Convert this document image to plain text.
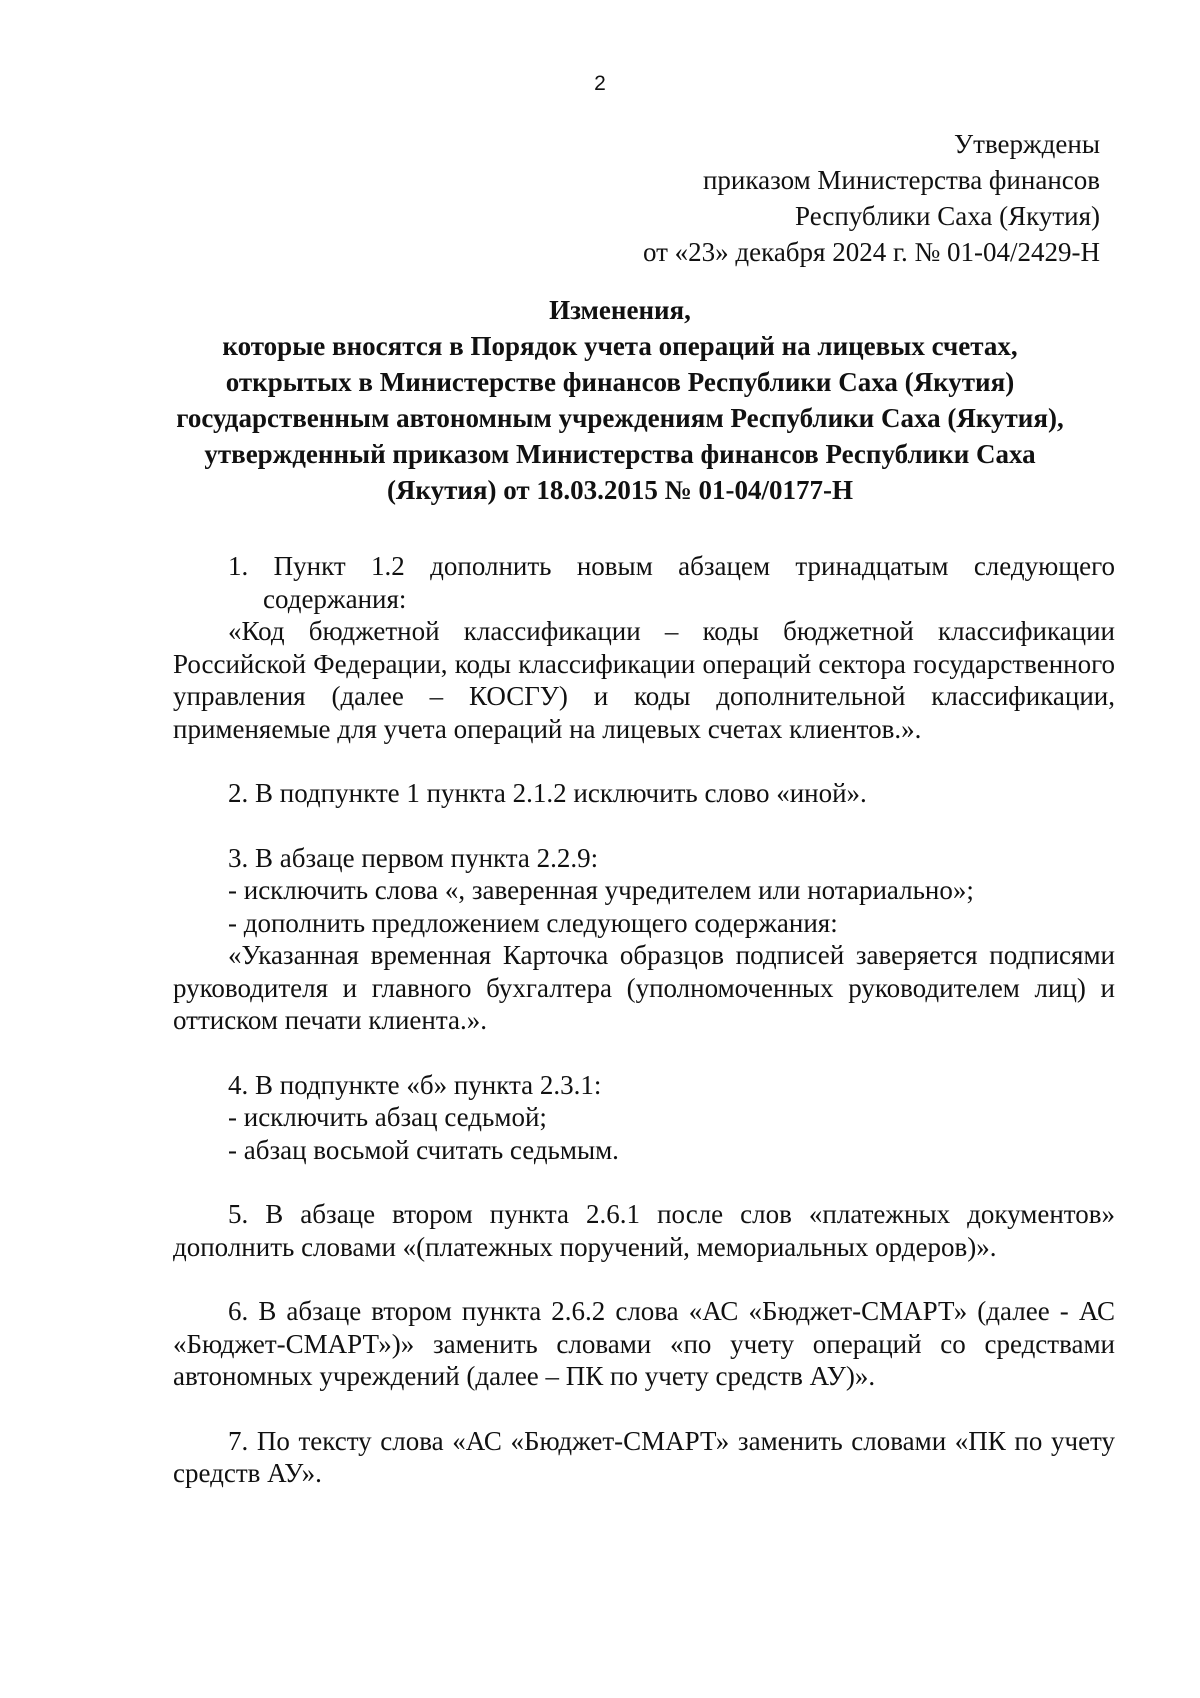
2
Утверждены
приказом Министерства финансов
Республики Саха (Якутия)
от «23» декабря 2024 г. № 01-04/2429-Н
Изменения,
которые вносятся в Порядок учета операций на лицевых счетах,
открытых в Министерстве финансов Республики Саха (Якутия)
государственным автономным учреждениям Республики Саха (Якутия),
утвержденный приказом Министерства финансов Республики Саха
(Якутия) от 18.03.2015 № 01-04/0177-Н

1. Пункт 1.2 дополнить новым абзацем тринадцатым следующего содержания:

«Код бюджетной классификации – коды бюджетной классификации Российской Федерации, коды классификации операций сектора государственного управления (далее – КОСГУ) и коды дополнительной классификации, применяемые для учета операций на лицевых счетах клиентов.».

2. В подпункте 1 пункта 2.1.2 исключить слово «иной».

3. В абзаце первом пункта 2.2.9:

- исключить слова «, заверенная учредителем или нотариально»;

- дополнить предложением следующего содержания:

«Указанная временная Карточка образцов подписей заверяется подписями руководителя и главного бухгалтера (уполномоченных руководителем лиц) и оттиском печати клиента.».

4. В подпункте «б» пункта 2.3.1:

- исключить абзац седьмой;

- абзац восьмой считать седьмым.

5. В абзаце втором пункта 2.6.1 после слов «платежных документов» дополнить словами «(платежных поручений, мемориальных ордеров)».

6. В абзаце втором пункта 2.6.2 слова «АС «Бюджет-СМАРТ» (далее - АС «Бюджет-СМАРТ»)» заменить словами «по учету операций со средствами автономных учреждений (далее – ПК по учету средств АУ)».

7. По тексту слова «АС «Бюджет-СМАРТ» заменить словами «ПК по учету средств АУ».
